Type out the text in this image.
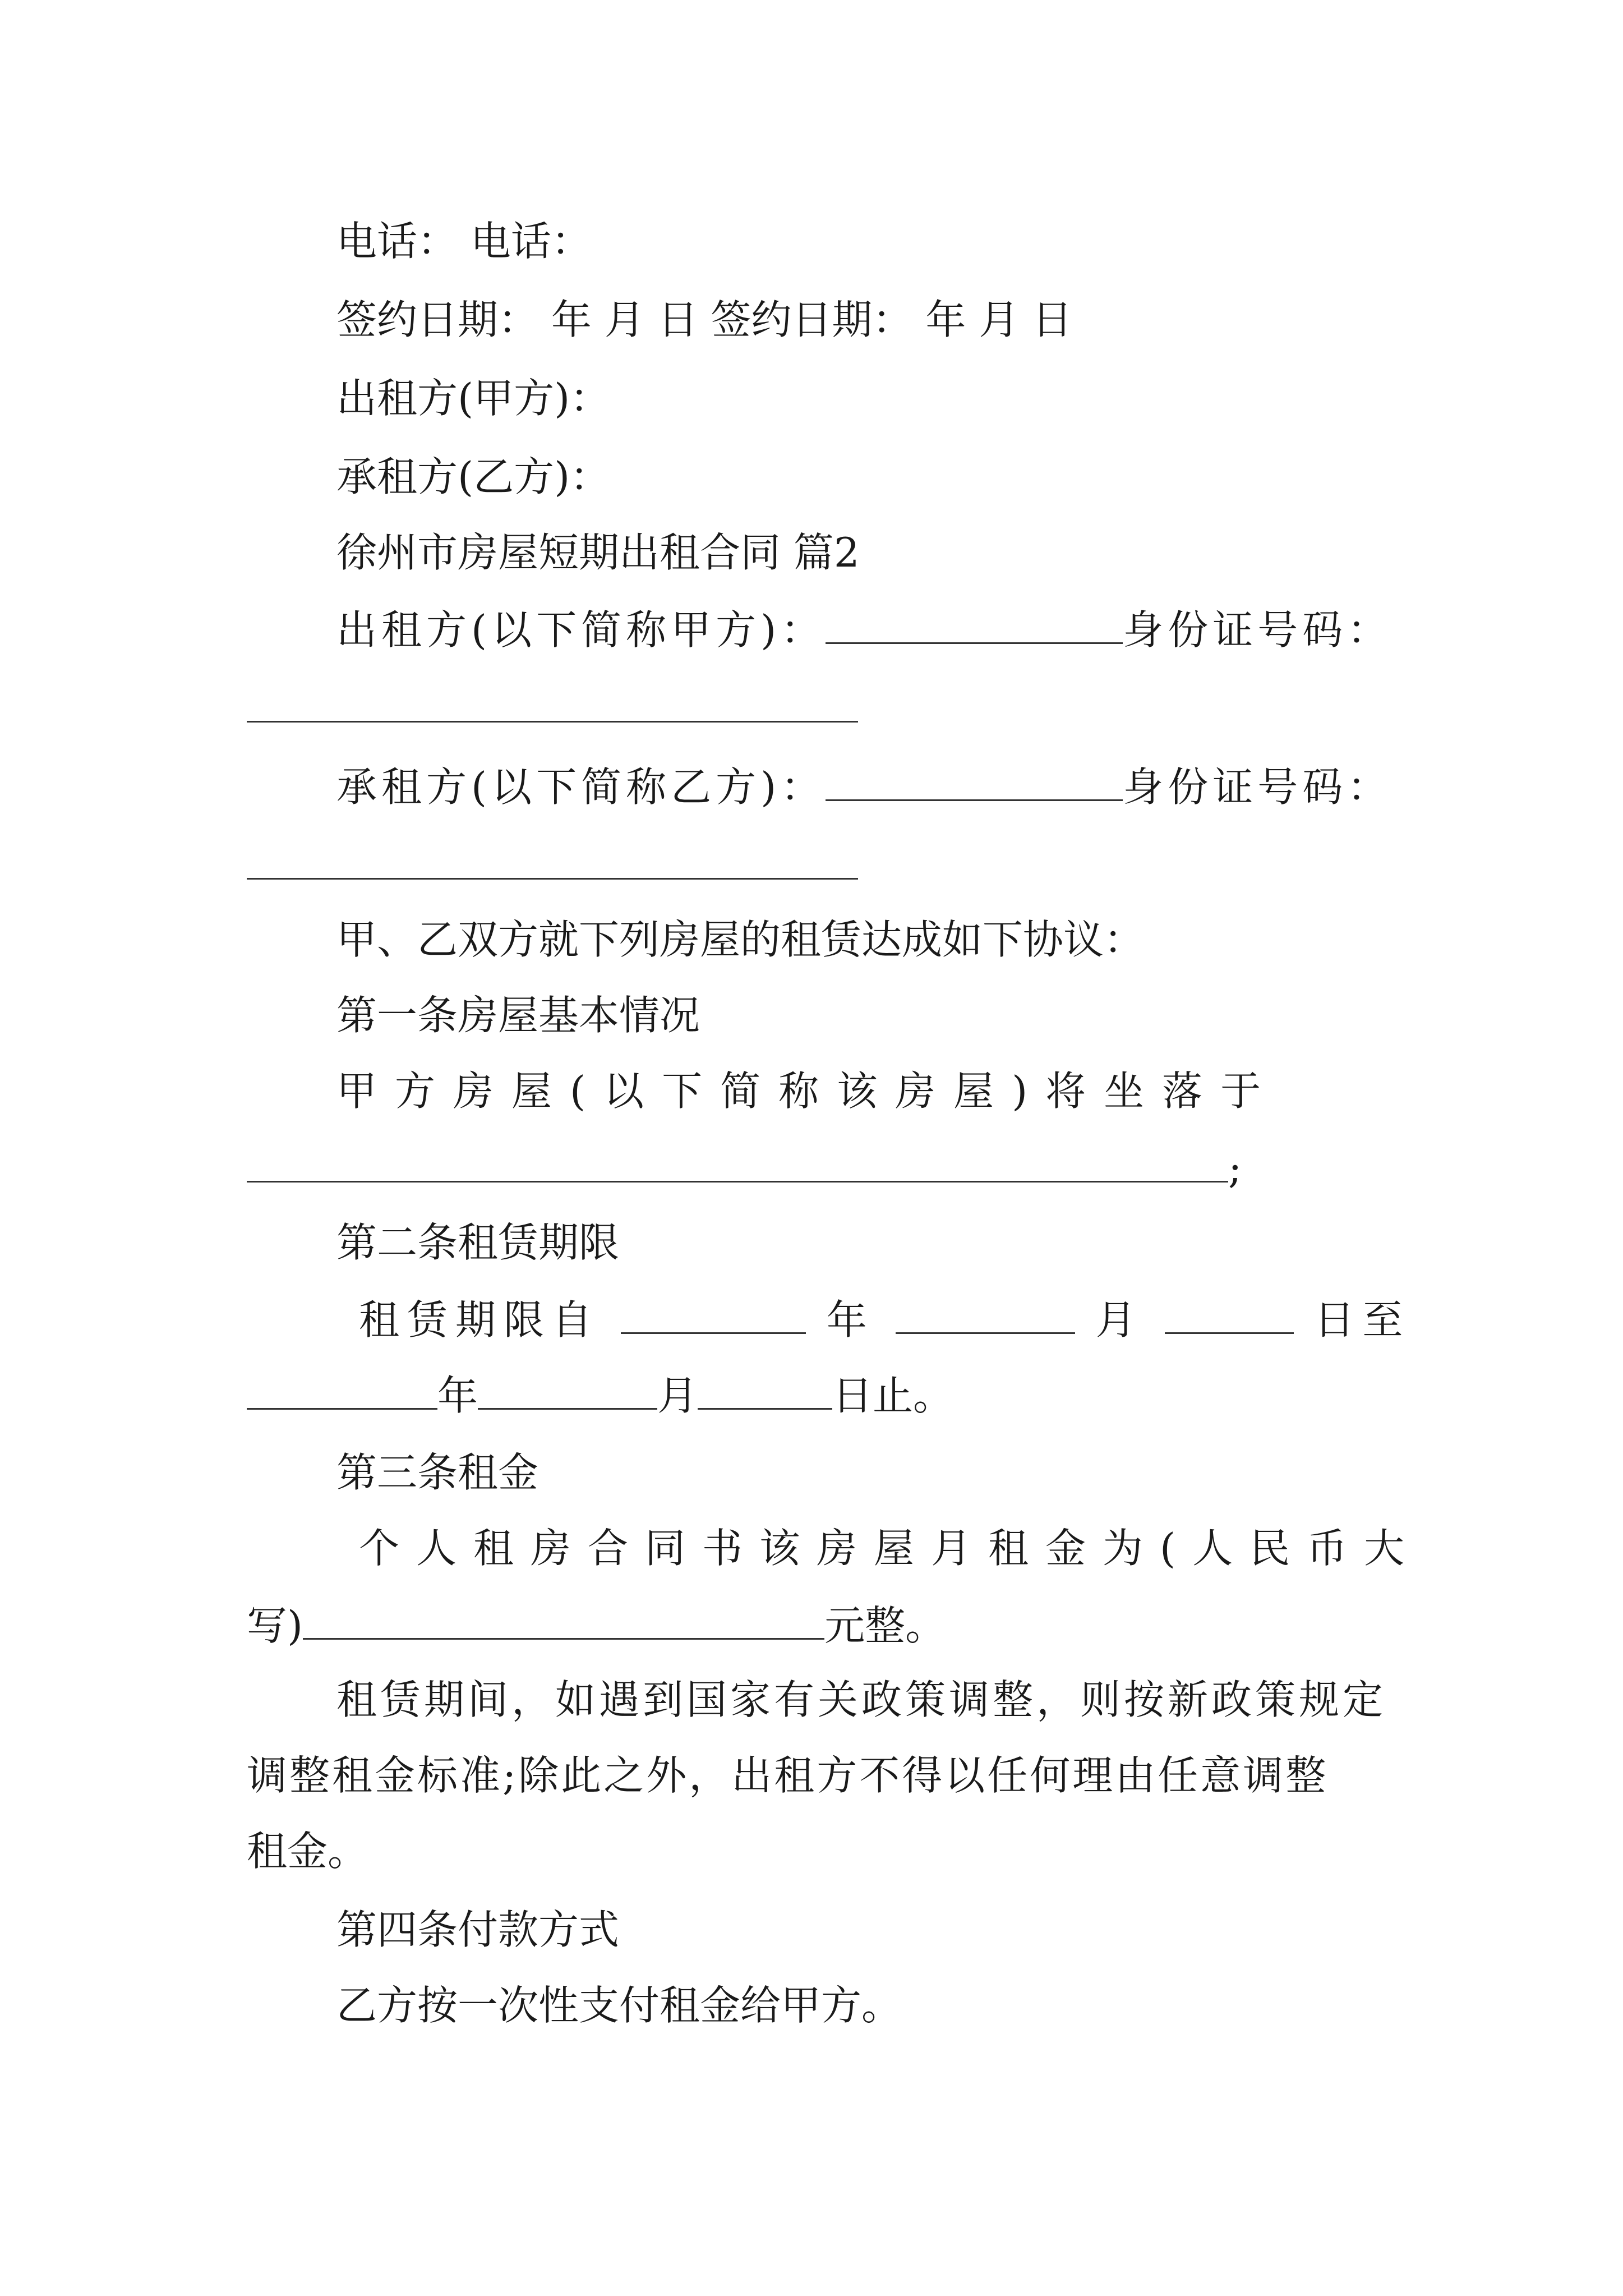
电话： 电话：
签约日期： 年 月 日 签约日期： 年 月 日
出租方(甲方)：
承租方(乙方)：
徐州市房屋短期出租合同 篇2
出租方(以下简称甲方)：	身份证号码：
承租方(以下简称乙方)：	身份证号码：
甲、乙双方就下列房屋的租赁达成如下协议：
第一条房屋基本情况
甲方房屋(以下简称该房屋)将坐落于
;
第二条租赁期限
租赁期限自	年	月	日至
年	月	日止。
第三条租金
个人租房合同书该房屋月租金为(人民币大
写)	元整。
租赁期间，如遇到国家有关政策调整，则按新政策规定
调整租金标准;除此之外，出租方不得以任何理由任意调整
租金。
第四条付款方式
乙方按一次性支付租金给甲方。
